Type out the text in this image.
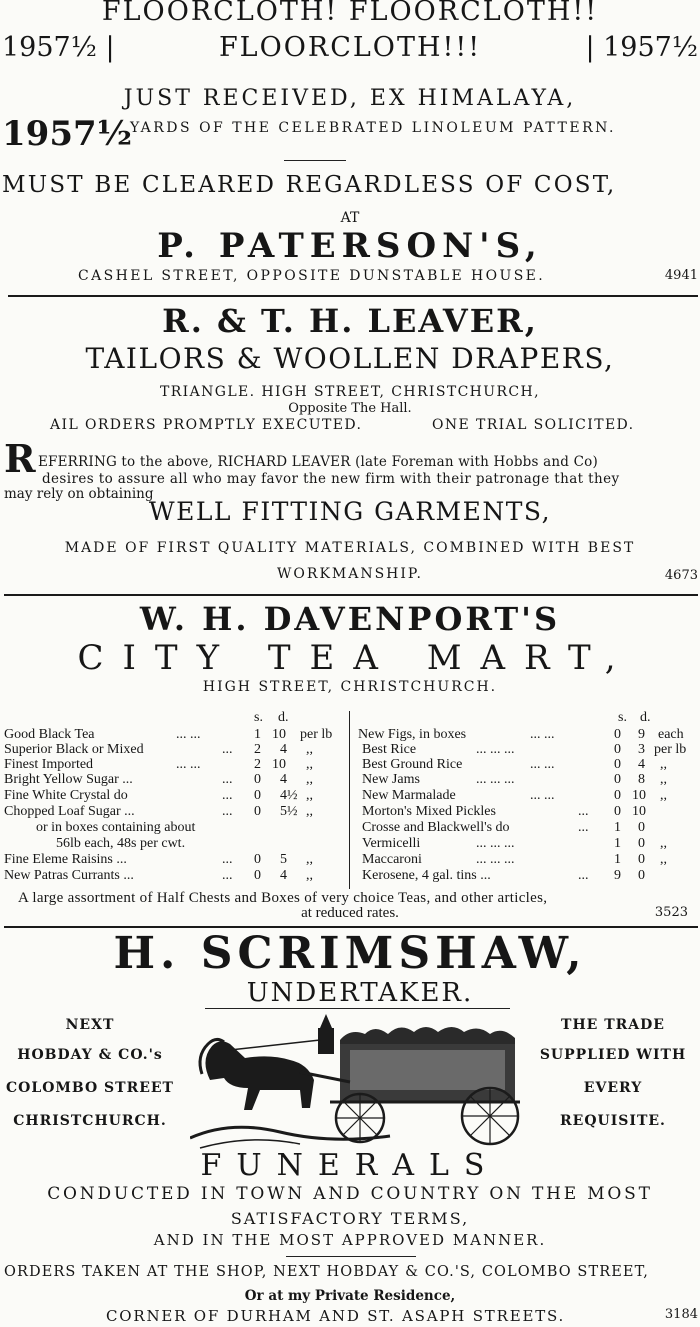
FLOORCLOTH! FLOORCLOTH!!
1957½ |	FLOORCLOTH!!!	| 1957½
JUST RECEIVED, EX HIMALAYA,
1957½
YARDS OF THE CELEBRATED LINOLEUM PATTERN.
MUST BE CLEARED REGARDLESS OF COST,
AT
P. PATERSON'S,
CASHEL STREET, OPPOSITE DUNSTABLE HOUSE.	4941
R. & T. H. LEAVER,
TAILORS & WOOLLEN DRAPERS,
TRIANGLE. HIGH STREET, CHRISTCHURCH,
Opposite The Hall.
AIL ORDERS PROMPTLY EXECUTED.	ONE TRIAL SOLICITED.
R EFERRING to the above, RICHARD LEAVER (late Foreman with Hobbs and Co)
desires to assure all who may favor the new firm with their patronage that they
may rely on obtaining
WELL FITTING GARMENTS,
MADE OF FIRST QUALITY MATERIALS, COMBINED WITH BEST
WORKMANSHIP.	4673
W. H. DAVENPORT'S
CITY TEA MART,
HIGH STREET, CHRISTCHURCH.
s. d.
Good Black Tea	... ...	1 10 per lb
Superior Black or Mixed	... 2 4 ,,
Finest Imported	... ...	2 10 ,,
Bright Yellow Sugar ...	... 0 4 ,,
Fine White Crystal do	... 0 4½ ,,
Chopped Loaf Sugar ...	... 0 5½ ,,
or in boxes containing about
56lb each, 48s per cwt.
Fine Eleme Raisins ...	... 0 5 ,,
New Patras Currants ...	... 0 4 ,,
s. d.
New Figs, in boxes	... ...	0 9 each
Best Rice	... ... ...	0 3 per lb
Best Ground Rice	... ...	0 4 ,,
New Jams	... ... ...	0 8 ,,
New Marmalade	... ...	0 10 ,,
Morton's Mixed Pickles	... 0 10
Crosse and Blackwell's do	... 1 0
Vermicelli	... ... ...	1 0 ,,
Maccaroni	... ... ...	1 0 ,,
Kerosene, 4 gal. tins ...	... 9 0
A large assortment of Half Chests and Boxes of very choice Teas, and other articles,
at reduced rates.	3523
H. SCRIMSHAW,
UNDERTAKER.
NEXT
HOBDAY & CO.'s
COLOMBO STREET
CHRISTCHURCH.
THE TRADE
SUPPLIED WITH
EVERY
REQUISITE.
FUNERALS
CONDUCTED IN TOWN AND COUNTRY ON THE MOST
SATISFACTORY TERMS,
AND IN THE MOST APPROVED MANNER.
ORDERS TAKEN AT THE SHOP, NEXT HOBDAY & CO.'S, COLOMBO STREET,
Or at my Private Residence,
CORNER OF DURHAM AND ST. ASAPH STREETS.	3184
